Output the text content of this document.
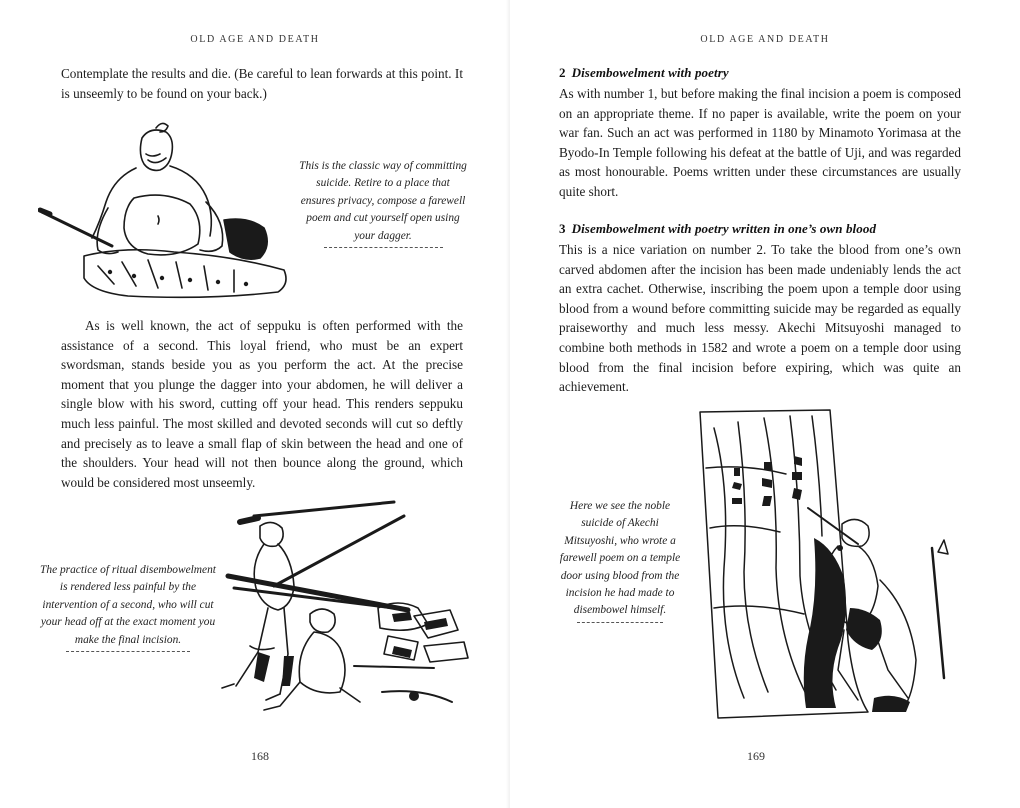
OLD AGE AND DEATH

Contemplate the results and die. (Be careful to lean forwards at this point. It is unseemly to be found on your back.)

This is the classic way of committing suicide. Retire to a place that ensures privacy, compose a farewell poem and cut yourself open using your dagger.

As is well known, the act of seppuku is often performed with the assistance of a second. This loyal friend, who must be an expert swordsman, stands beside you as you perform the act. At the precise moment that you plunge the dagger into your abdomen, he will deliver a single blow with his sword, cutting off your head. This renders seppuku much less painful. The most skilled and devoted seconds will cut so deftly and precisely as to leave a small flap of skin between the head and one of the shoulders. Your head will not then bounce along the ground, which would be considered most unseemly.

The practice of ritual disembowelment is rendered less painful by the intervention of a second, who will cut your head off at the exact moment you make the final incision.
168
OLD AGE AND DEATH
2 Disembowelment with poetry

As with number 1, but before making the final incision a poem is composed on an appropriate theme. If no paper is available, write the poem on your war fan. Such an act was performed in 1180 by Minamoto Yorimasa at the Byodo-In Temple following his defeat at the battle of Uji, and was regarded as most honourable. Poems written under these circumstances are usually quite short.

3 Disembowelment with poetry written in one’s own blood

This is a nice variation on number 2. To take the blood from one’s own carved abdomen after the incision has been made undeniably lends the act an extra cachet. Otherwise, inscribing the poem upon a temple door using blood from a wound before committing suicide may be regarded as equally praiseworthy and much less messy. Akechi Mitsuyoshi managed to combine both methods in 1582 and wrote a poem on a temple door using blood from the final incision before expiring, which was quite an achievement.

Here we see the noble suicide of Akechi Mitsuyoshi, who wrote a farewell poem on a temple door using blood from the incision he had made to disembowel himself.
169
